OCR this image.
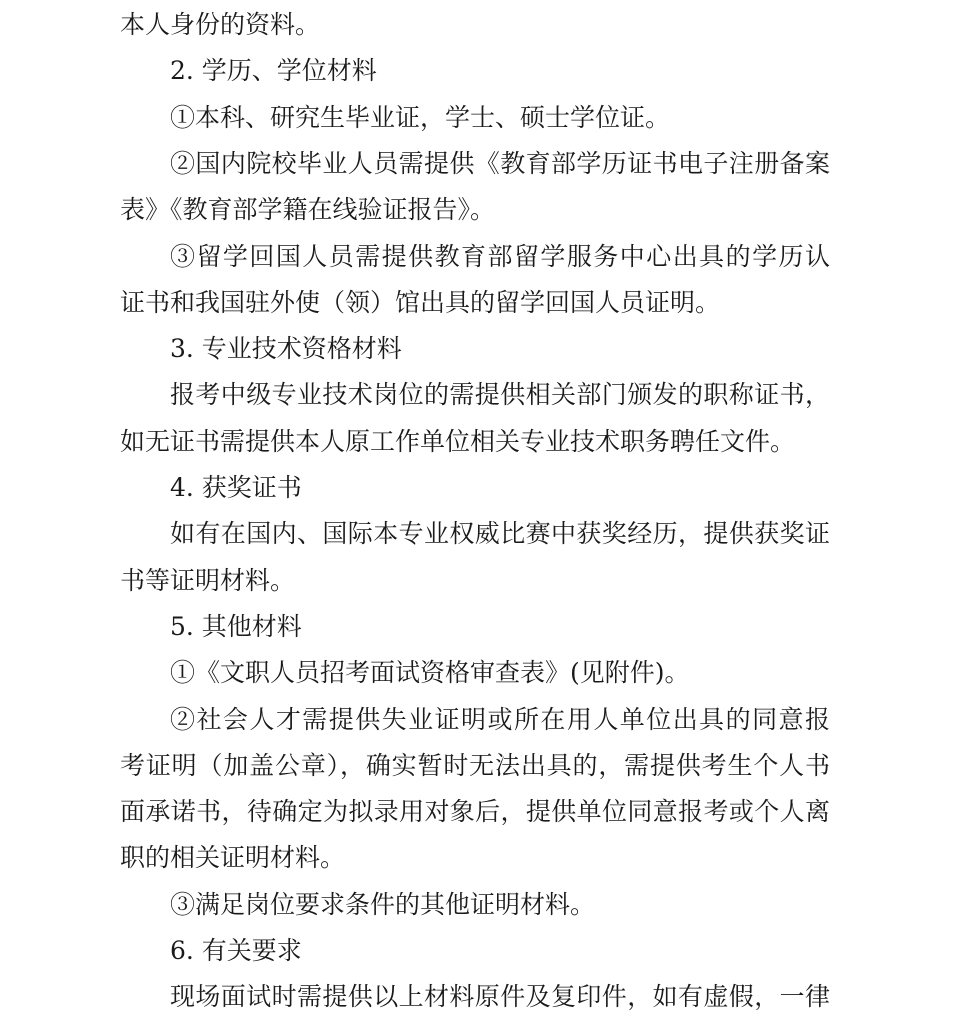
本人身份的资料。
2. 学历、学位材料
①本科、研究生毕业证，学士、硕士学位证。
②国内院校毕业人员需提供《教育部学历证书电子注册备案
表》《教育部学籍在线验证报告》。
③留学回国人员需提供教育部留学服务中心出具的学历认
证书和我国驻外使（领）馆出具的留学回国人员证明。
3. 专业技术资格材料
报考中级专业技术岗位的需提供相关部门颁发的职称证书，
如无证书需提供本人原工作单位相关专业技术职务聘任文件。
4. 获奖证书
如有在国内、国际本专业权威比赛中获奖经历，提供获奖证
书等证明材料。
5. 其他材料
①《文职人员招考面试资格审查表》(见附件)。
②社会人才需提供失业证明或所在用人单位出具的同意报
考证明（加盖公章），确实暂时无法出具的，需提供考生个人书
面承诺书，待确定为拟录用对象后，提供单位同意报考或个人离
职的相关证明材料。
③满足岗位要求条件的其他证明材料。
6. 有关要求
现场面试时需提供以上材料原件及复印件，如有虚假，一律
